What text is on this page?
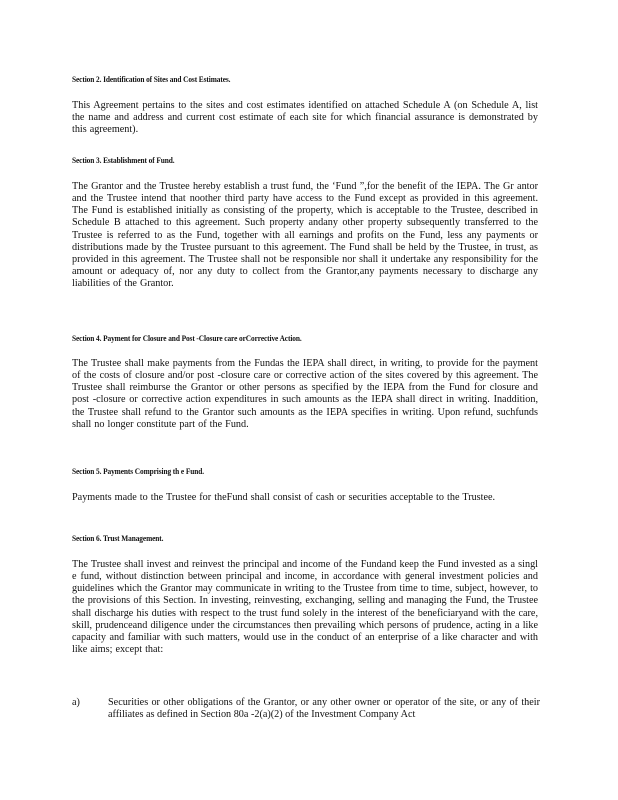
Section 2. Identification of Sites and Cost Estimates.
This Agreement pertains to the sites and cost estimates identified on attached Schedule A (on Schedule A, list the name and address and current cost estimate of each site for which financial assurance is demonstrated by this agreement).
Section 3. Establishment of Fund.
The Grantor and the Trustee hereby establish a trust fund, the ‘Fund ”,for the benefit of the IEPA. The Gr antor and the Trustee intend that noother third party have access to the Fund except as provided in this agreement. The Fund is established initially as consisting of the property, which is acceptable to the Trustee, described in Schedule B attached to this agreement. Such property andany other property subsequently transferred to the Trustee is referred to as the Fund, together with all earnings and profits on the Fund, less any payments or distributions made by the Trustee pursuant to this agreement. The Fund shall be held by the Trustee, in trust, as provided in this agreement. The Trustee shall not be responsible nor shall it undertake any responsibility for the amount or adequacy of, nor any duty to collect from the Grantor,any payments necessary to discharge any liabilities of the Grantor.
Section 4. Payment for Closure and Post -Closure care orCorrective Action.
The Trustee shall make payments from the Fundas the IEPA shall direct, in writing, to provide for the payment of the costs of closure and/or post -closure care or corrective action of the sites covered by this agreement. The Trustee shall reimburse the Grantor or other persons as specified by the IEPA from the Fund for closure and post -closure or corrective action expenditures in such amounts as the IEPA shall direct in writing. Inaddition, the Trustee shall refund to the Grantor such amounts as the IEPA specifies in writing. Upon refund, suchfunds shall no longer constitute part of the Fund.
Section 5. Payments Comprising th e Fund.
Payments made to the Trustee for theFund shall consist of cash or securities acceptable to the Trustee.
Section 6. Trust Management.
The Trustee shall invest and reinvest the principal and income of the Fundand keep the Fund invested as a singl e fund, without distinction between principal and income, in accordance with general investment policies and guidelines which the Grantor may communicate in writing to the Trustee from time to time, subject, however, to the provisions of this Section. In investing, reinvesting, exchanging, selling and managing the Fund, the Trustee shall discharge his duties with respect to the trust fund solely in the interest of the beneficiaryand with the care, skill, prudenceand diligence under the circumstances then prevailing which persons of prudence, acting in a like capacity and familiar with such matters, would use in the conduct of an enterprise of a like character and with like aims; except that:
a)	Securities or other obligations of the Grantor, or any other owner or operator of the site, or any of their affiliates as defined in Section 80a -2(a)(2) of the Investment Company Act
